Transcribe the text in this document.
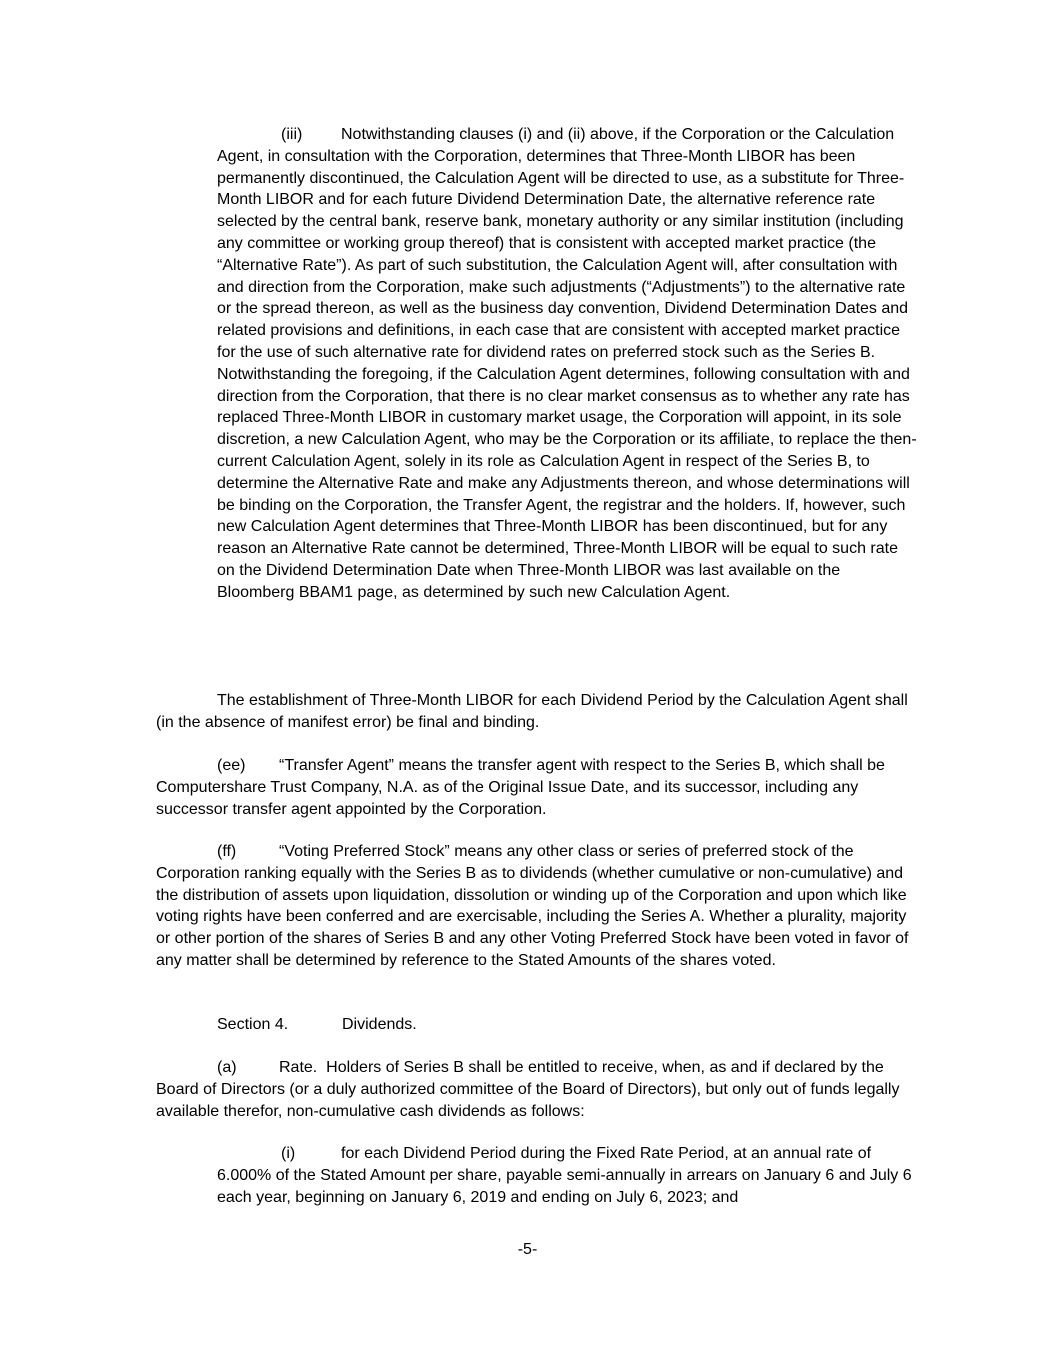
(iii) Notwithstanding clauses (i) and (ii) above, if the Corporation or the Calculation Agent, in consultation with the Corporation, determines that Three-Month LIBOR has been permanently discontinued, the Calculation Agent will be directed to use, as a substitute for Three-Month LIBOR and for each future Dividend Determination Date, the alternative reference rate selected by the central bank, reserve bank, monetary authority or any similar institution (including any committee or working group thereof) that is consistent with accepted market practice (the “Alternative Rate”). As part of such substitution, the Calculation Agent will, after consultation with and direction from the Corporation, make such adjustments (“Adjustments”) to the alternative rate or the spread thereon, as well as the business day convention, Dividend Determination Dates and related provisions and definitions, in each case that are consistent with accepted market practice for the use of such alternative rate for dividend rates on preferred stock such as the Series B. Notwithstanding the foregoing, if the Calculation Agent determines, following consultation with and direction from the Corporation, that there is no clear market consensus as to whether any rate has replaced Three-Month LIBOR in customary market usage, the Corporation will appoint, in its sole discretion, a new Calculation Agent, who may be the Corporation or its affiliate, to replace the then-current Calculation Agent, solely in its role as Calculation Agent in respect of the Series B, to determine the Alternative Rate and make any Adjustments thereon, and whose determinations will be binding on the Corporation, the Transfer Agent, the registrar and the holders. If, however, such new Calculation Agent determines that Three-Month LIBOR has been discontinued, but for any reason an Alternative Rate cannot be determined, Three-Month LIBOR will be equal to such rate on the Dividend Determination Date when Three-Month LIBOR was last available on the Bloomberg BBAM1 page, as determined by such new Calculation Agent.

The establishment of Three-Month LIBOR for each Dividend Period by the Calculation Agent shall (in the absence of manifest error) be final and binding.

(ee) “Transfer Agent” means the transfer agent with respect to the Series B, which shall be Computershare Trust Company, N.A. as of the Original Issue Date, and its successor, including any successor transfer agent appointed by the Corporation.

(ff)	“Voting Preferred Stock” means any other class or series of preferred stock of the Corporation ranking equally with the Series B as to dividends (whether cumulative or non-cumulative) and the distribution of assets upon liquidation, dissolution or winding up of the Corporation and upon which like voting rights have been conferred and are exercisable, including the Series A. Whether a plurality, majority or other portion of the shares of Series B and any other Voting Preferred Stock have been voted in favor of any matter shall be determined by reference to the Stated Amounts of the shares voted.

Section 4.	Dividends.

(a)	Rate.  Holders of Series B shall be entitled to receive, when, as and if declared by the Board of Directors (or a duly authorized committee of the Board of Directors), but only out of funds legally available therefor, non-cumulative cash dividends as follows:

(i)	for each Dividend Period during the Fixed Rate Period, at an annual rate of 6.000% of the Stated Amount per share, payable semi-annually in arrears on January 6 and July 6 each year, beginning on January 6, 2019 and ending on July 6, 2023; and

-5-
